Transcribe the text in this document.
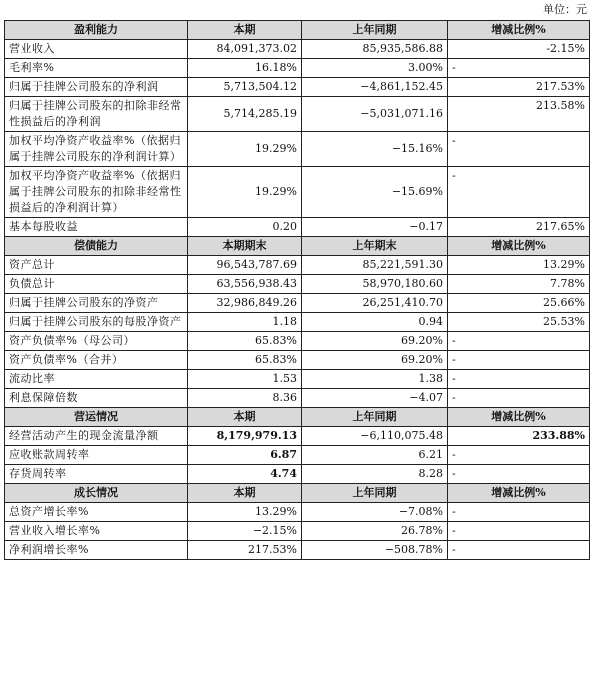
单位：元
盈利能力	本期	上年同期	增减比例%
营业收入	84,091,373.02	85,935,586.88	-2.15%
毛利率%	16.18%	3.00%	-
归属于挂牌公司股东的净利润	5,713,504.12	−4,861,152.45	217.53%
归属于挂牌公司股东的扣除非经常性损益后的净利润	5,714,285.19	−5,031,071.16	213.58%
加权平均净资产收益率%（依据归属于挂牌公司股东的净利润计算）	19.29%	−15.16%	-
加权平均净资产收益率%（依据归属于挂牌公司股东的扣除非经常性损益后的净利润计算）	19.29%	−15.69%	-
基本每股收益	0.20	−0.17	217.65%
偿债能力	本期期末	上年期末	增减比例%
资产总计	96,543,787.69	85,221,591.30	13.29%
负债总计	63,556,938.43	58,970,180.60	7.78%
归属于挂牌公司股东的净资产	32,986,849.26	26,251,410.70	25.66%
归属于挂牌公司股东的每股净资产	1.18	0.94	25.53%
资产负债率%（母公司）	65.83%	69.20%	-
资产负债率%（合并）	65.83%	69.20%	-
流动比率	1.53	1.38	-
利息保障倍数	8.36	−4.07	-
营运情况	本期	上年同期	增减比例%
经营活动产生的现金流量净额	8,179,979.13	−6,110,075.48	233.88%
应收账款周转率	6.87	6.21	-
存货周转率	4.74	8.28	-
成长情况	本期	上年同期	增减比例%
总资产增长率%	13.29%	−7.08%	-
营业收入增长率%	−2.15%	26.78%	-
净利润增长率%	217.53%	−508.78%	-
